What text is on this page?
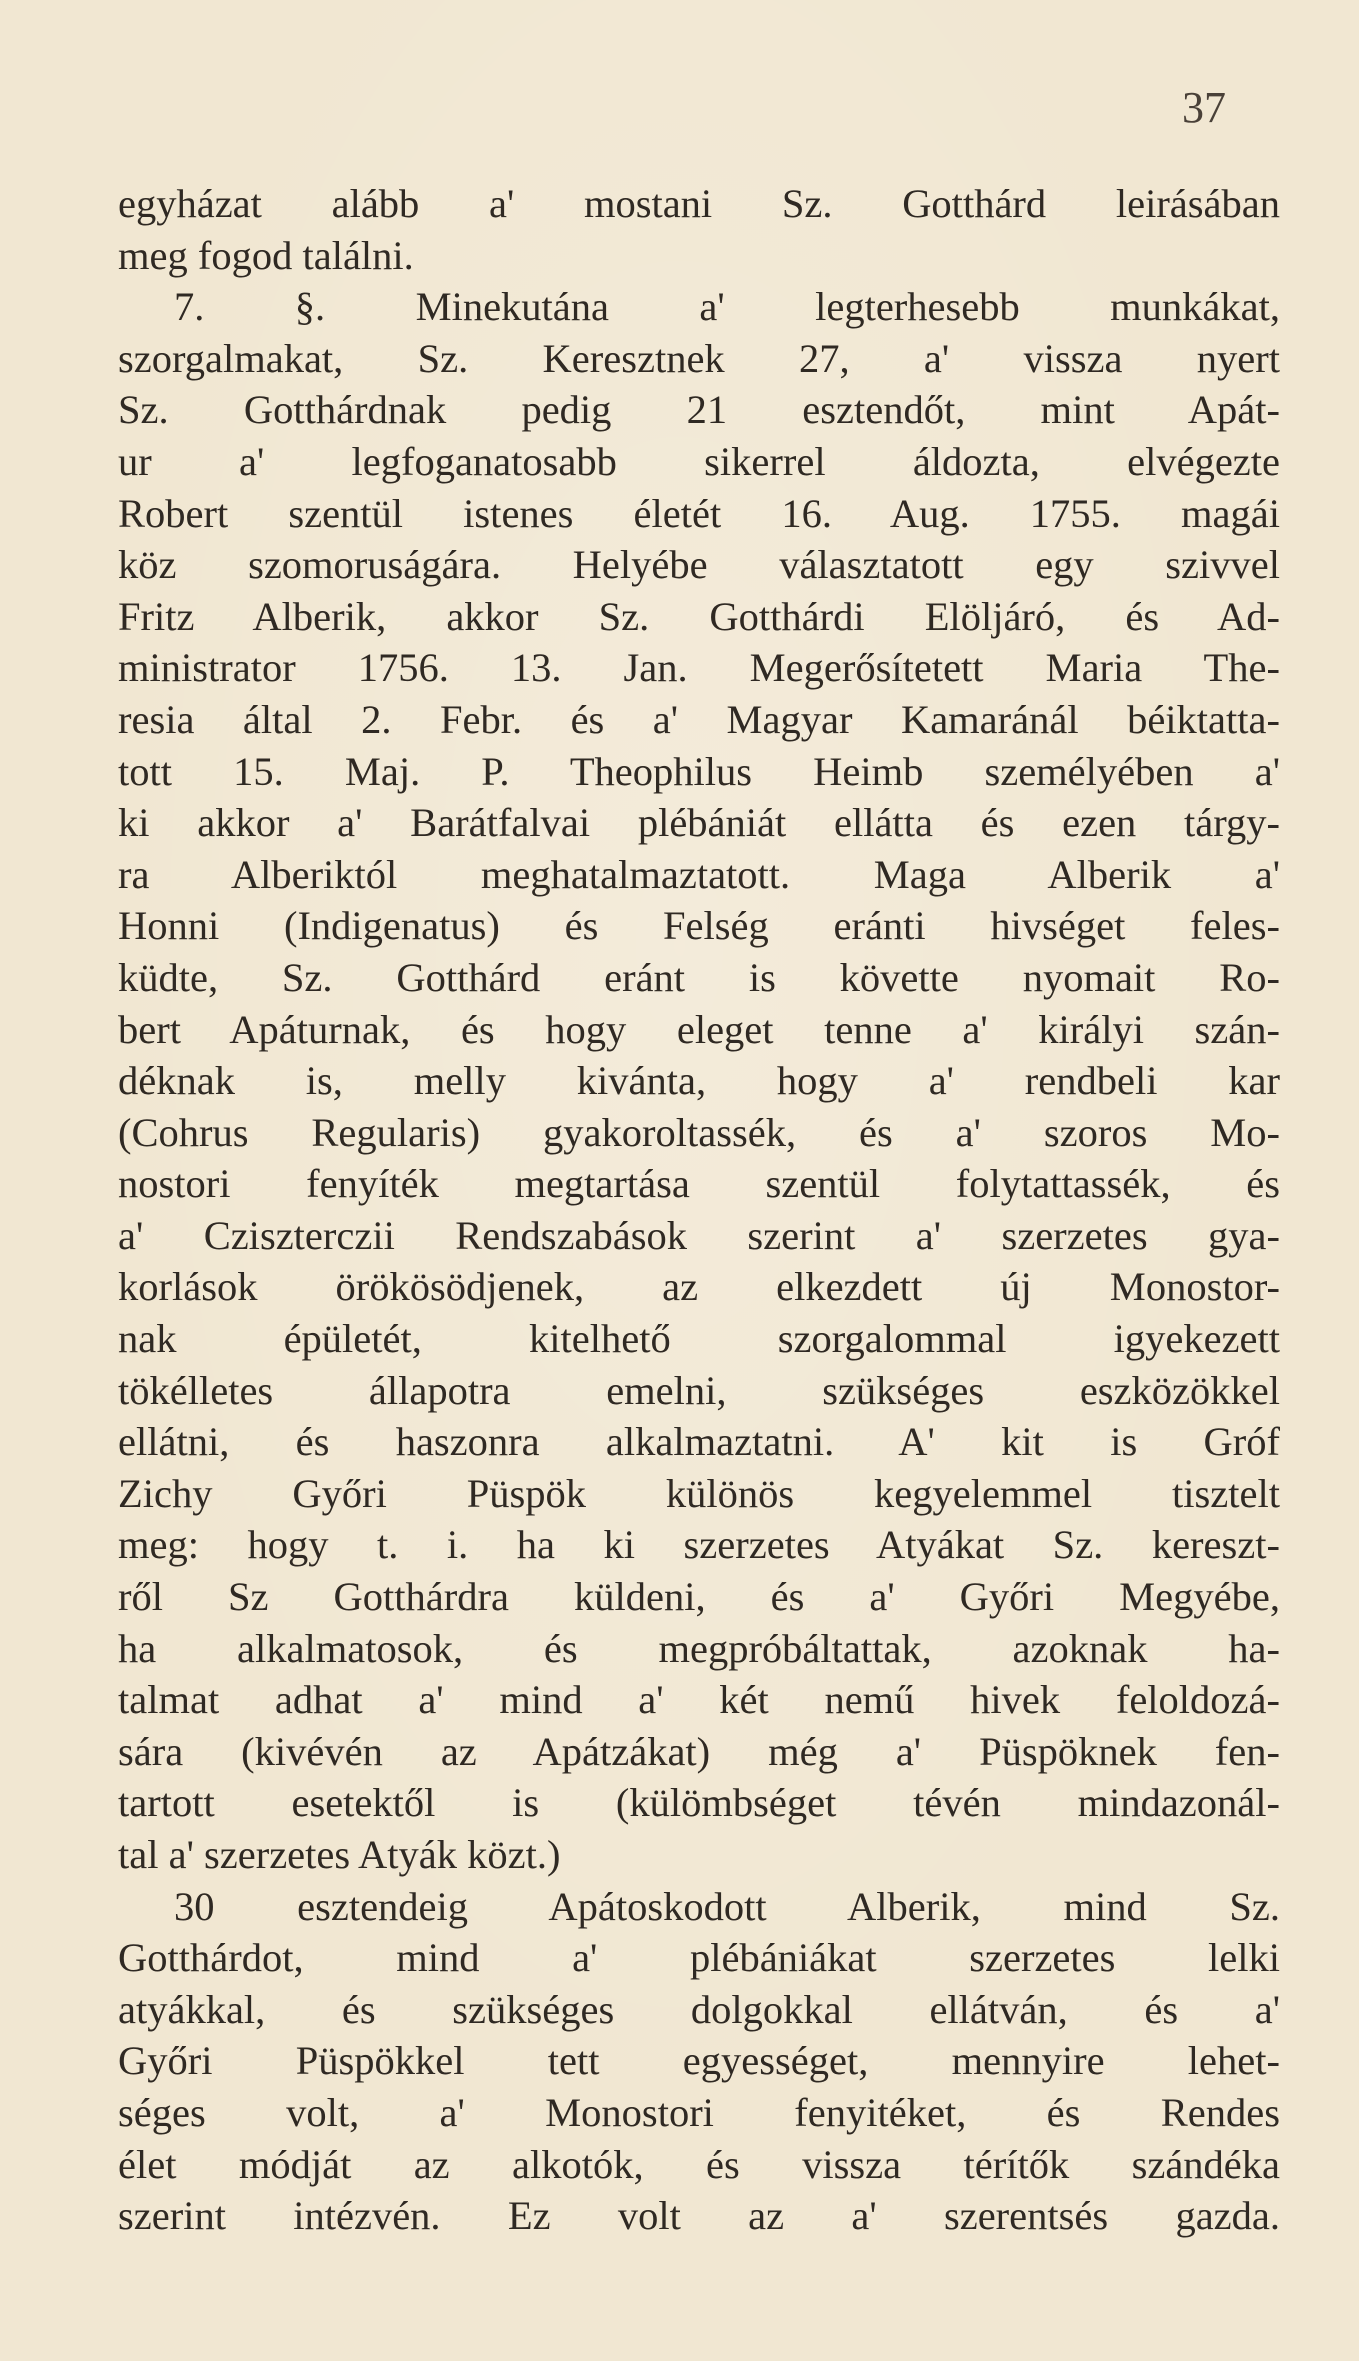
37
egyházat alább a' mostani Sz. Gotthárd leirásában
meg fogod találni.
7. §. Minekutána a' legterhesebb munkákat,
szorgalmakat, Sz. Keresztnek 27, a' vissza nyert
Sz. Gotthárdnak pedig 21 esztendőt, mint Apát-
ur a' legfoganatosabb sikerrel áldozta, elvégezte
Robert szentül istenes életét 16. Aug. 1755. magái
köz szomoruságára. Helyébe választatott egy szivvel
Fritz Alberik, akkor Sz. Gotthárdi Elöljáró, és Ad-
ministrator 1756. 13. Jan. Megerősítetett Maria The-
resia által 2. Febr. és a' Magyar Kamaránál béiktatta-
tott 15. Maj. P. Theophilus Heimb személyében a'
ki akkor a' Barátfalvai plébániát ellátta és ezen tárgy-
ra Alberiktól meghatalmaztatott. Maga Alberik a'
Honni (Indigenatus) és Felség eránti hivséget feles-
küdte, Sz. Gotthárd eránt is követte nyomait Ro-
bert Apáturnak, és hogy eleget tenne a' királyi szán-
déknak is, melly kivánta, hogy a' rendbeli kar
(Cohrus Regularis) gyakoroltassék, és a' szoros Mo-
nostori fenyíték megtartása szentül folytattassék, és
a' Czisztercziі Rendszabások szerint a' szerzetes gya-
korlások örökösödjenek, az elkezdett új Monostor-
nak épületét, kitelhető szorgalommal igyekezett
tökélletes állapotra emelni, szükséges eszközökkel
ellátni, és haszonra alkalmaztatni. A' kit is Gróf
Zichy Győri Püspök különös kegyelemmel tisztelt
meg: hogy t. i. ha ki szerzetes Atyákat Sz. kereszt-
ről Sz Gotthárdra küldeni, és a' Győri Megyébe,
ha alkalmatosok, és megpróbáltattak, azoknak ha-
talmat adhat a' mind a' két nemű hivek feloldozá-
sára (kivévén az Apátzákat) még a' Püspöknek fen-
tartott esetektől is (külömbséget tévén mindazonál-
tal a' szerzetes Atyák közt.)
30 esztendeig Apátoskodott Alberik, mind Sz.
Gotthárdot, mind a' plébániákat szerzetes lelki
atyákkal, és szükséges dolgokkal ellátván, és a'
Győri Püspökkel tett egyességet, mennyire lehet-
séges volt, a' Monostori fenyitéket, és Rendes
élet módját az alkotók, és vissza térítők szándéka
szerint intézvén. Ez volt az a' szerentsés gazda.
